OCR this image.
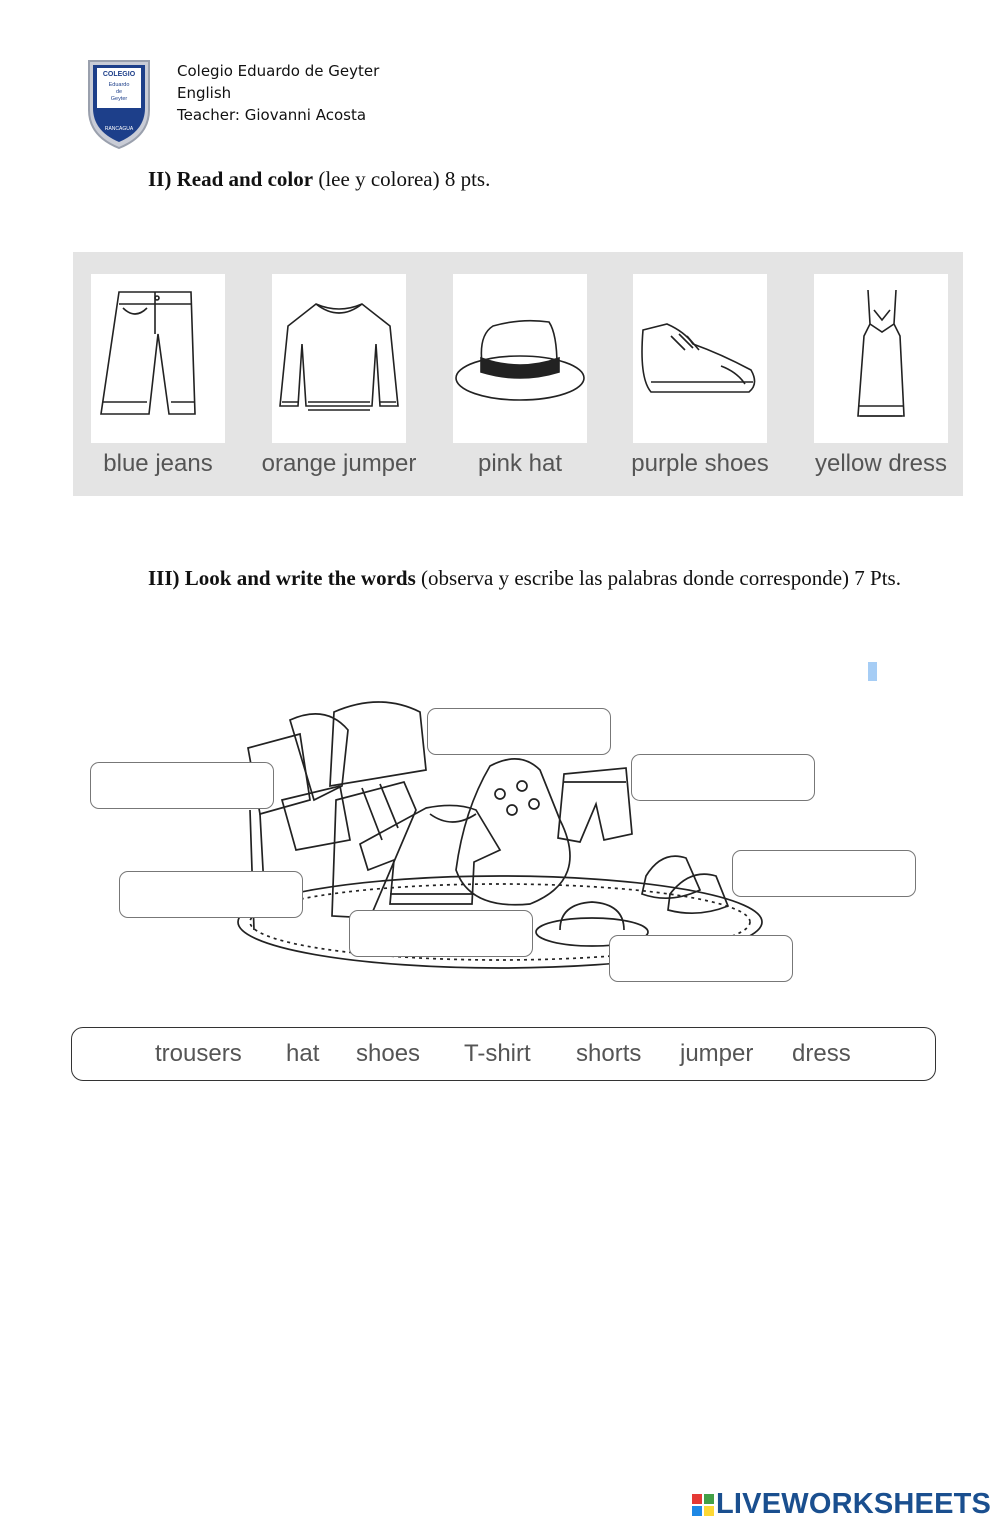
COLEGIO
Eduardo
de
Geyter
RANCAGUA
Colegio Eduardo de Geyter
English
Teacher: Giovanni Acosta
II) Read and color (lee y colorea) 8 pts.
blue jeans	orange jumper	pink hat	purple shoes	yellow dress
III) Look and write the words (observa y escribe las palabras donde corresponde) 7 Pts.
trousers hat shoes T-shirt shorts jumper dress
LIVEWORKSHEETS
